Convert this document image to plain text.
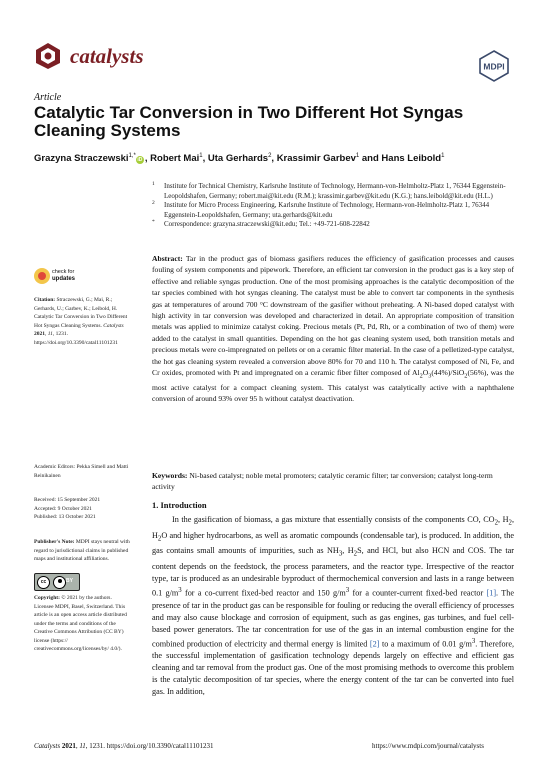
catalysts	MDPI
Article
Catalytic Tar Conversion in Two Different Hot Syngas Cleaning Systems
Grazyna Straczewski$^{1,*}$iD , Robert Mai$^1$, Uta Gerhards$^2$, Krassimir Garbev$^1$ and Hans Leibold$^1$
1 Institute for Technical Chemistry, Karlsruhe Institute of Technology, Hermann-von-Helmholtz-Platz 1, 76344 Eggenstein-Leopoldshafen, Germany; robert.mai@kit.edu (R.M.); krassimir.garbev@kit.edu (K.G.); hans.leibold@kit.edu (H.L.)
2 Institute for Micro Process Engineering, Karlsruhe Institute of Technology, Hermann-von-Helmholtz-Platz 1, 76344 Eggenstein-Leopoldshafen, Germany; uta.gerhards@kit.edu
* Correspondence: grazyna.straczewski@kit.edu; Tel.: +49-721-608-22842
Abstract: Tar in the product gas of biomass gasifiers reduces the efficiency of gasification processes and causes fouling of system components and pipework. Therefore, an efficient tar conversion in the product gas is a key step of effective and reliable syngas production. One of the most promising approaches is the catalytic decomposition of the tar species combined with hot syngas cleaning. The catalyst must be able to convert tar components in the synthesis gas at temperatures of around 700 °C downstream of the gasifier without preheating. A Ni-based doped catalyst with high activity in tar conversion was developed and characterized in detail. An appropriate composition of transition metals was applied to minimize catalyst coking. Precious metals (Pt, Pd, Rh, or a combination of two of them) were added to the catalyst in small quantities. Depending on the hot gas cleaning system used, both transition metals and precious metals were co-impregnated on pellets or on a ceramic filter material. In the case of a pelletized-type catalyst, the hot gas cleaning system revealed a conversion above 80% for 70 and 110 h. The catalyst composed of Ni, Fe, and Cr oxides, promoted with Pt and impregnated on a ceramic fiber filter composed of $Al_2O_3(44\%)/SiO_2(56\%)$, was the most active catalyst for a compact cleaning system. This catalyst was catalytically active with a naphthalene conversion of around 93% over 95 h without catalyst deactivation.
Keywords: Ni-based catalyst; noble metal promoters; catalytic ceramic filter; tar conversion; catalyst long-term activity
1. Introduction
In the gasification of biomass, a gas mixture that essentially consists of the components CO, $CO_2$, $H_2$, $H_2O$ and higher hydrocarbons, as well as aromatic compounds (condensable tar), is produced. In addition, the gas contains small amounts of impurities, such as $NH_3$, $H_2S$, and HCl, but also HCN and COS. The tar content depends on the feedstock, the process parameters, and the reactor type. Irrespective of the reactor type, tar is produced as an undesirable byproduct of thermochemical conversion and lasts in a range between 0.1 $g/m^3$ for a co-current fixed-bed reactor and 150 $g/m^3$ for a counter-current fixed-bed reactor [1]. The presence of tar in the product gas can be responsible for fouling or reducing the overall efficiency of processes and may also cause blockage and corrosion of equipment, such as gas engines, gas turbines, and fuel cell-based power generators. The tar concentration for use of the gas in an internal combustion engine for the combined production of electricity and thermal energy is limited [2] to a maximum of 0.01 $g/m^3$. Therefore, the successful implementation of gasification technology depends largely on effective and efficient gas cleaning and tar removal from the product gas. One of the most promising methods to overcome this problem is the catalytic decomposition of tar species, where the energy content of the tar can be converted into fuel gas. In addition,
check for
updates
Citation: Straczewski, G.; Mai, R.; Gerhards, U.; Garbev, K.; Leibold, H. Catalytic Tar Conversion in Two Different Hot Syngas Cleaning Systems. Catalysts 2021, 11, 1231. https://doi.org/10.3390/catal11101231
Academic Editors: Pekka Simell and Matti Reinikainen
Received: 15 September 2021
Accepted: 9 October 2021
Published: 13 October 2021
Publisher's Note: MDPI stays neutral with regard to jurisdictional claims in published maps and institutional affiliations.
cc	BY
Copyright: © 2021 by the authors. Licensee MDPI, Basel, Switzerland. This article is an open access article distributed under the terms and conditions of the Creative Commons Attribution (CC BY) license (https:// creativecommons.org/licenses/by/ 4.0/).
Catalysts 2021, 11, 1231. https://doi.org/10.3390/catal11101231	https://www.mdpi.com/journal/catalysts
